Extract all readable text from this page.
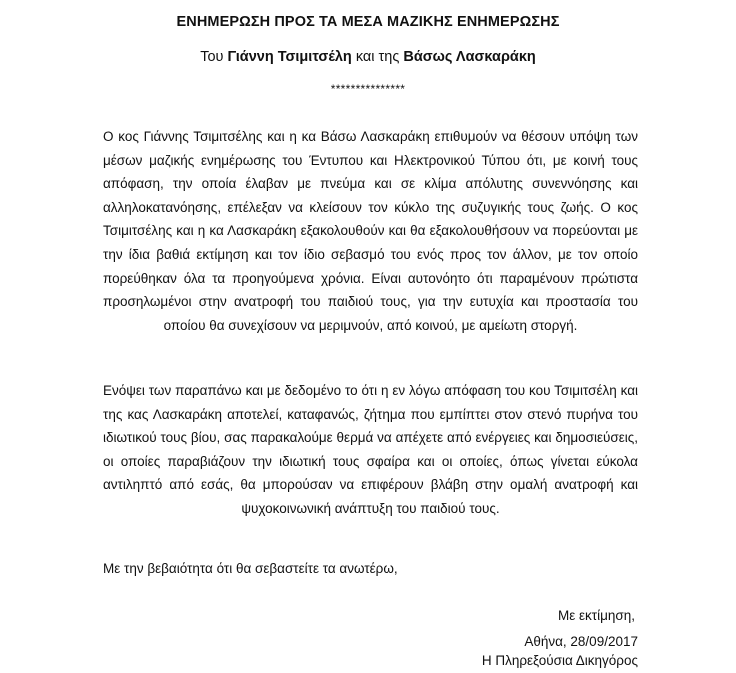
ΕΝΗΜΕΡΩΣΗ ΠΡΟΣ ΤΑ ΜΕΣΑ ΜΑΖΙΚΗΣ ΕΝΗΜΕΡΩΣΗΣ
Του Γιάννη Τσιμιτσέλη και της Βάσως Λασκαράκη
***************
Ο κος Γιάννης Τσιμιτσέλης και η κα Βάσω Λασκαράκη επιθυμούν να θέσουν υπόψη των μέσων μαζικής ενημέρωσης του Έντυπου και Ηλεκτρονικού Τύπου ότι, με κοινή τους απόφαση, την οποία έλαβαν με πνεύμα και σε κλίμα απόλυτης συνεννόησης και αλληλοκατανόησης, επέλεξαν να κλείσουν τον κύκλο της συζυγικής τους ζωής. Ο κος Τσιμιτσέλης και η κα Λασκαράκη εξακολουθούν και θα εξακολουθήσουν να πορεύονται με την ίδια βαθιά εκτίμηση και τον ίδιο σεβασμό του ενός προς τον άλλον, με τον οποίο πορεύθηκαν όλα τα προηγούμενα χρόνια. Είναι αυτονόητο ότι παραμένουν πρώτιστα προσηλωμένοι στην ανατροφή του παιδιού τους, για την ευτυχία και προστασία του οποίου θα συνεχίσουν να μεριμνούν, από κοινού, με αμείωτη στοργή.
Ενόψει των παραπάνω και με δεδομένο το ότι η εν λόγω απόφαση του κου Τσιμιτσέλη και της κας Λασκαράκη αποτελεί, καταφανώς, ζήτημα που εμπίπτει στον στενό πυρήνα του ιδιωτικού τους βίου, σας παρακαλούμε θερμά να απέχετε από ενέργειες και δημοσιεύσεις, οι οποίες παραβιάζουν την ιδιωτική τους σφαίρα και οι οποίες, όπως γίνεται εύκολα αντιληπτό από εσάς, θα μπορούσαν να επιφέρουν βλάβη στην ομαλή ανατροφή και ψυχοκοινωνική ανάπτυξη του παιδιού τους.
Με την βεβαιότητα ότι θα σεβαστείτε τα ανωτέρω,
Με εκτίμηση,
Αθήνα, 28/09/2017
Η Πληρεξούσια Δικηγόρος
